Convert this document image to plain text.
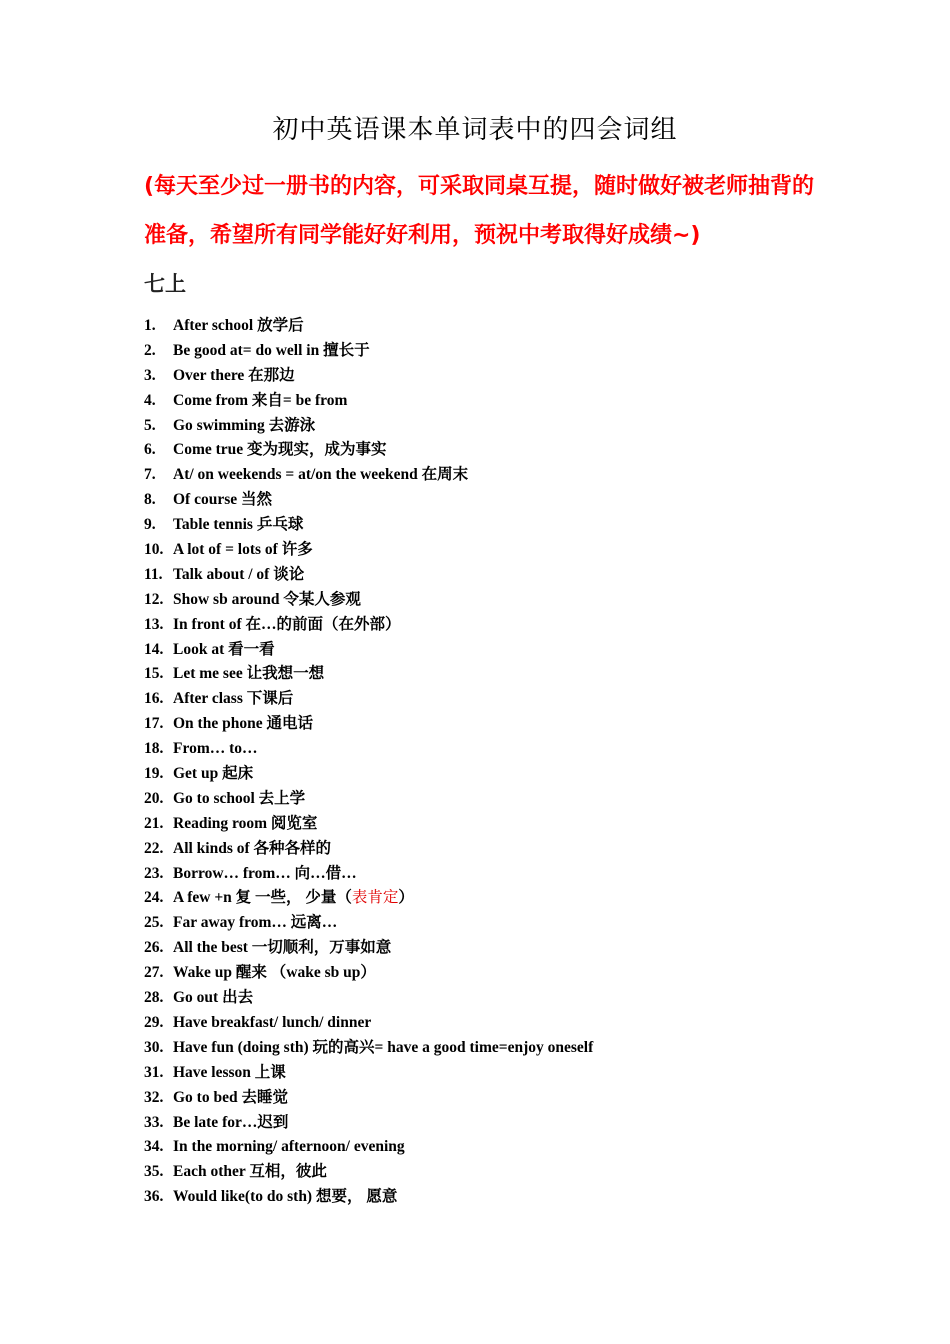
初中英语课本单词表中的四会词组

(每天至少过一册书的内容，可采取同桌互提，随时做好被老师抽背的准备，希望所有同学能好好利用，预祝中考取得好成绩~)

七上
1. After school 放学后
2. Be good at= do well in 擅长于
3. Over there 在那边
4. Come from 来自= be from
5. Go swimming 去游泳
6. Come true 变为现实，成为事实
7. At/ on weekends = at/on the weekend 在周末
8. Of course 当然
9. Table tennis 乒乓球
10. A lot of = lots of 许多
11. Talk about / of 谈论
12. Show sb around 令某人参观
13. In front of 在…的前面（在外部）
14. Look at 看一看
15. Let me see 让我想一想
16. After class 下课后
17. On the phone 通电话
18. From… to…
19. Get up 起床
20. Go to school 去上学
21. Reading room 阅览室
22. All kinds of 各种各样的
23. Borrow… from… 向…借…
24. A few +n 复 一些， 少量（表肯定）
25. Far away from… 远离…
26. All the best 一切顺利，万事如意
27. Wake up 醒来 （wake sb up）
28. Go out 出去
29. Have breakfast/ lunch/ dinner
30. Have fun (doing sth) 玩的高兴= have a good time=enjoy oneself
31. Have lesson 上课
32. Go to bed 去睡觉
33. Be late for…迟到
34. In the morning/ afternoon/ evening
35. Each other 互相，彼此
36. Would like(to do sth) 想要， 愿意
